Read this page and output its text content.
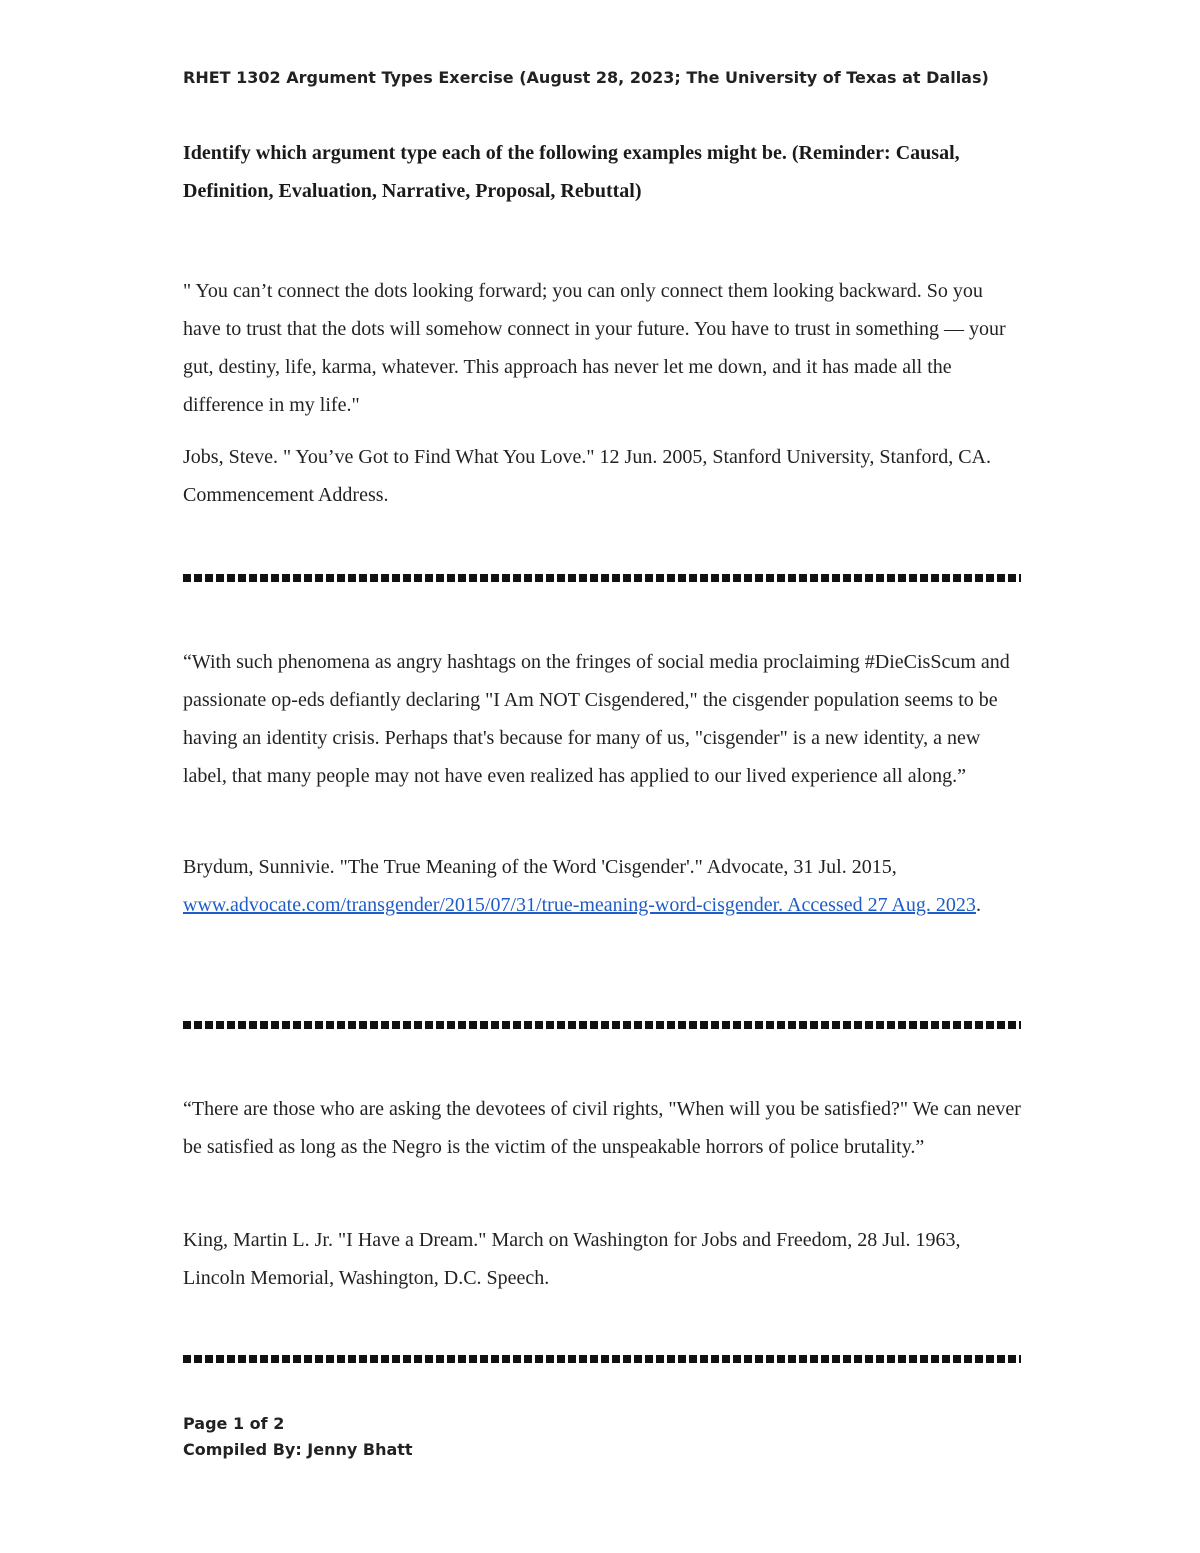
RHET 1302 Argument Types Exercise (August 28, 2023; The University of Texas at Dallas)
Identify which argument type each of the following examples might be. (Reminder: Causal, Definition, Evaluation, Narrative, Proposal, Rebuttal)
" You can’t connect the dots looking forward; you can only connect them looking backward. So you have to trust that the dots will somehow connect in your future. You have to trust in something — your gut, destiny, life, karma, whatever. This approach has never let me down, and it has made all the difference in my life."
Jobs, Steve. " You’ve Got to Find What You Love." 12 Jun. 2005, Stanford University, Stanford, CA. Commencement Address.
“With such phenomena as angry hashtags on the fringes of social media proclaiming #DieCisScum and passionate op-eds defiantly declaring "I Am NOT Cisgendered," the cisgender population seems to be having an identity crisis. Perhaps that's because for many of us, "cisgender" is a new identity, a new label, that many people may not have even realized has applied to our lived experience all along.”
Brydum, Sunnivie. "The True Meaning of the Word 'Cisgender'." Advocate, 31 Jul. 2015, www.advocate.com/transgender/2015/07/31/true-meaning-word-cisgender. Accessed 27 Aug. 2023.
“There are those who are asking the devotees of civil rights, "When will you be satisfied?" We can never be satisfied as long as the Negro is the victim of the unspeakable horrors of police brutality.”
King, Martin L. Jr. "I Have a Dream." March on Washington for Jobs and Freedom, 28 Jul. 1963, Lincoln Memorial, Washington, D.C. Speech.
Page 1 of 2
Compiled By: Jenny Bhatt
